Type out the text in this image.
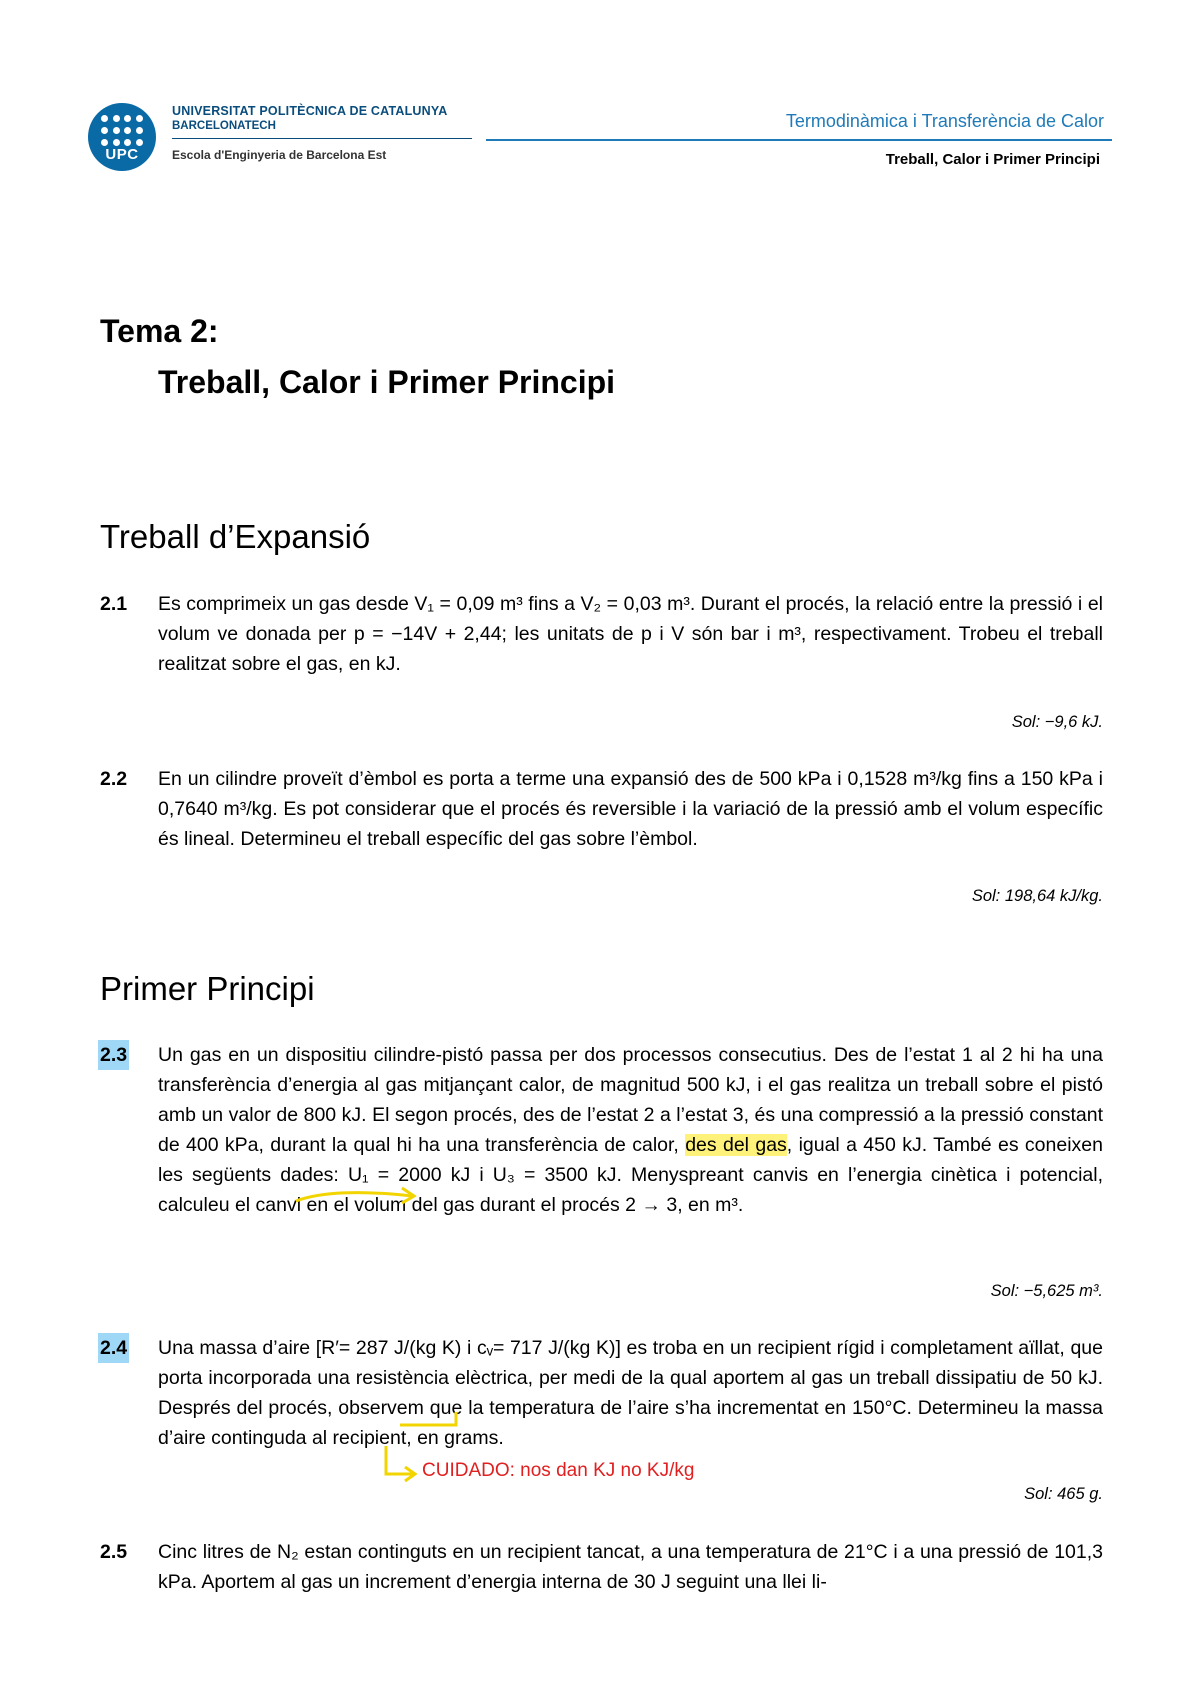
UPC
UNIVERSITAT POLITÈCNICA DE CATALUNYA
BARCELONATECH
Escola d'Enginyeria de Barcelona Est
Termodinàmica i Transferència de Calor
Treball, Calor i Primer Principi
Tema 2:
Treball, Calor i Primer Principi
Treball d’Expansió
2.1 Es comprimeix un gas desde V₁ = 0,09 m³ fins a V₂ = 0,03 m³. Durant el procés, la relació entre la pressió i el volum ve donada per p = −14V + 2,44; les unitats de p i V són bar i m³, respectivament. Trobeu el treball realitzat sobre el gas, en kJ.
Sol: −9,6 kJ.
2.2 En un cilindre proveït d’èmbol es porta a terme una expansió des de 500 kPa i 0,1528 m³/kg fins a 150 kPa i 0,7640 m³/kg. Es pot considerar que el procés és reversible i la variació de la pressió amb el volum específic és lineal. Determineu el treball específic del gas sobre l’èmbol.
Sol: 198,64 kJ/kg.
Primer Principi
2.3 Un gas en un dispositiu cilindre-pistó passa per dos processos consecutius. Des de l’estat 1 al 2 hi ha una transferència d’energia al gas mitjançant calor, de magnitud 500 kJ, i el gas realitza un treball sobre el pistó amb un valor de 800 kJ. El segon procés, des de l’estat 2 a l’estat 3, és una compressió a la pressió constant de 400 kPa, durant la qual hi ha una transferència de calor, des del gas, igual a 450 kJ. També es coneixen les següents dades: U₁ = 2000 kJ i U₃ = 3500 kJ. Menyspreant canvis en l’energia cinètica i potencial, calculeu el canvi en el volum del gas durant el procés 2 → 3, en m³.
Sol: −5,625 m³.
2.4 Una massa d’aire [R′= 287 J/(kg K) i cᵥ= 717 J/(kg K)] es troba en un recipient rígid i completament aïllat, que porta incorporada una resistència elèctrica, per medi de la qual aportem al gas un treball dissipatiu de 50 kJ. Després del procés, observem que la temperatura de l’aire s’ha incrementat en 150°C. Determineu la massa d’aire continguda al recipient, en grams.
CUIDADO: nos dan KJ no KJ/kg
Sol: 465 g.
2.5 Cinc litres de N₂ estan continguts en un recipient tancat, a una temperatura de 21°C i a una pressió de 101,3 kPa. Aportem al gas un increment d’energia interna de 30 J seguint una llei li-
